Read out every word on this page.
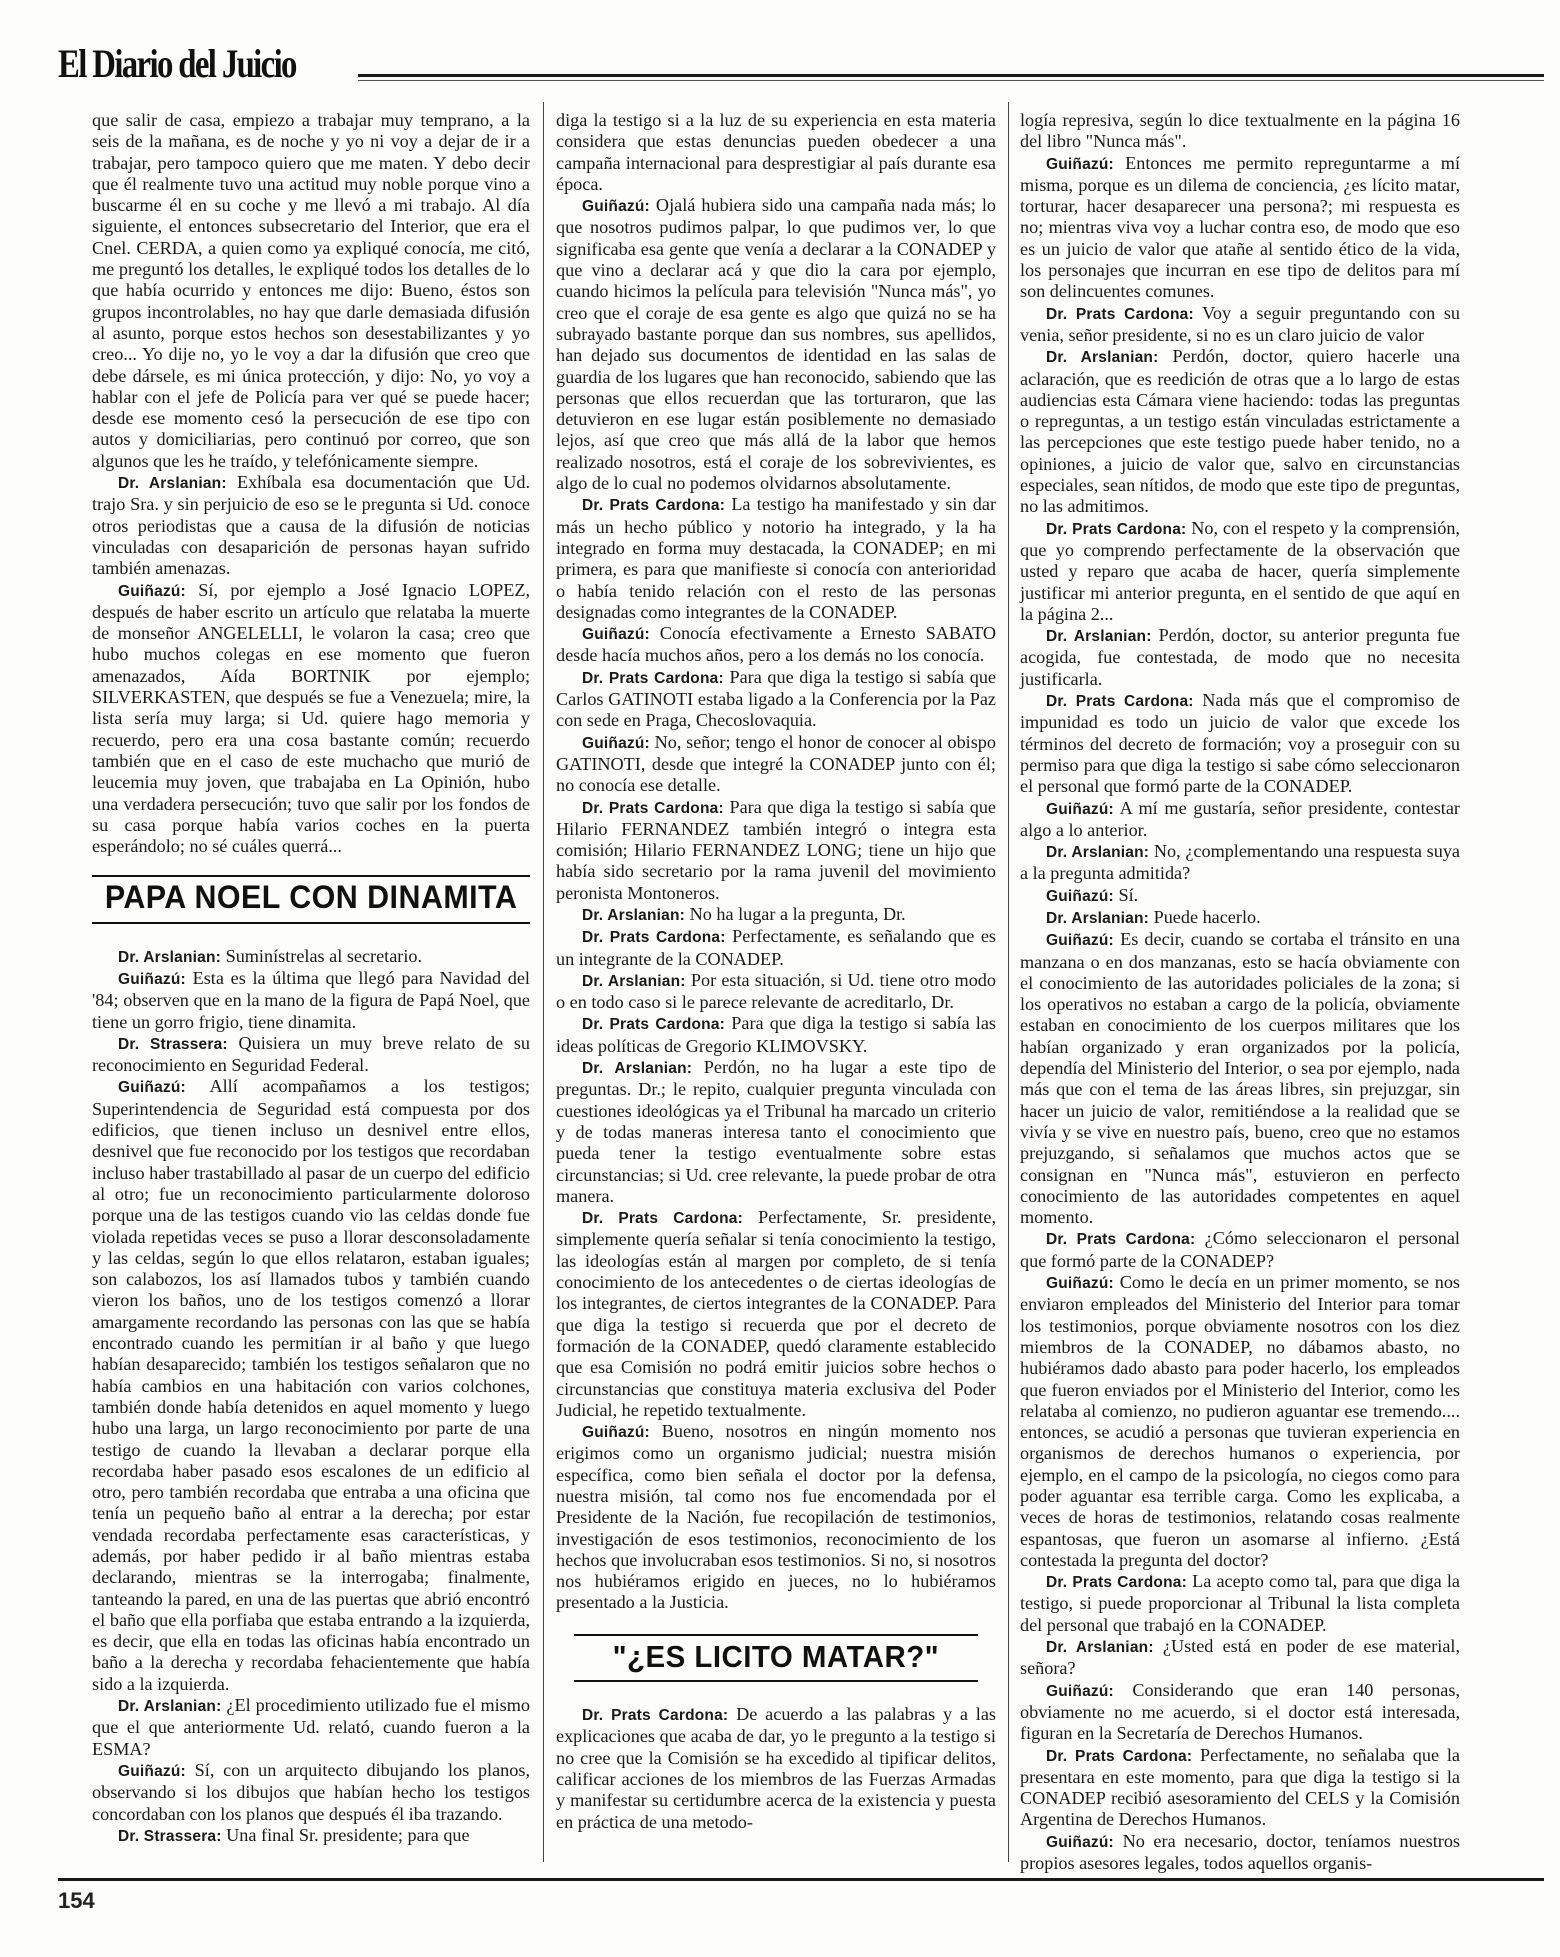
El Diario del Juicio

que salir de casa, empiezo a trabajar muy temprano, a la seis de la mañana, es de noche y yo ni voy a dejar de ir a trabajar, pero tampoco quiero que me maten. Y debo decir que él realmente tuvo una actitud muy noble porque vino a buscarme él en su coche y me llevó a mi trabajo. Al día siguiente, el entonces subsecretario del Interior, que era el Cnel. CERDA, a quien como ya expliqué conocía, me citó, me preguntó los detalles, le expliqué todos los detalles de lo que había ocurrido y entonces me dijo: Bueno, éstos son grupos incontrolables, no hay que darle demasiada difusión al asunto, porque estos hechos son desestabilizantes y yo creo... Yo dije no, yo le voy a dar la difusión que creo que debe dársele, es mi única protección, y dijo: No, yo voy a hablar con el jefe de Policía para ver qué se puede hacer; desde ese momento cesó la persecución de ese tipo con autos y domiciliarias, pero continuó por correo, que son algunos que les he traído, y telefónicamente siempre.

Dr. Arslanian : Exhíbala esa documentación que Ud. trajo Sra. y sin perjuicio de eso se le pregunta si Ud. conoce otros periodistas que a causa de la difusión de noticias vinculadas con desaparición de personas hayan sufrido también amenazas.

Guiñazú : Sí, por ejemplo a José Ignacio LOPEZ, después de haber escrito un artículo que relataba la muerte de monseñor ANGELELLI, le volaron la casa; creo que hubo muchos colegas en ese momento que fueron amenazados, Aída BORTNIK por ejemplo; SILVERKASTEN, que después se fue a Venezuela; mire, la lista sería muy larga; si Ud. quiere hago memoria y recuerdo, pero era una cosa bastante común; recuerdo también que en el caso de este muchacho que murió de leucemia muy joven, que trabajaba en La Opinión, hubo una verdadera persecución; tuvo que salir por los fondos de su casa porque había varios coches en la puerta esperándolo; no sé cuáles querrá...

PAPA NOEL CON DINAMITA

Dr. Arslanian : Suminístrelas al secretario.

Guiñazú : Esta es la última que llegó para Navidad del '84; observen que en la mano de la figura de Papá Noel, que tiene un gorro frigio, tiene dinamita.

Dr. Strassera : Quisiera un muy breve relato de su reconocimiento en Seguridad Federal.

Guiñazú : Allí acompañamos a los testigos; Superintendencia de Seguridad está compuesta por dos edificios, que tienen incluso un desnivel entre ellos, desnivel que fue reconocido por los testigos que recordaban incluso haber trastabillado al pasar de un cuerpo del edificio al otro; fue un reconocimiento particularmente doloroso porque una de las testigos cuando vio las celdas donde fue violada repetidas veces se puso a llorar desconsoladamente y las celdas, según lo que ellos relataron, estaban iguales; son calabozos, los así llamados tubos y también cuando vieron los baños, uno de los testigos comenzó a llorar amargamente recordando las personas con las que se había encontrado cuando les permitían ir al baño y que luego habían desaparecido; también los testigos señalaron que no había cambios en una habitación con varios colchones, también donde había detenidos en aquel momento y luego hubo una larga, un largo reconocimiento por parte de una testigo de cuando la llevaban a declarar porque ella recordaba haber pasado esos escalones de un edificio al otro, pero también recordaba que entraba a una oficina que tenía un pequeño baño al entrar a la derecha; por estar vendada recordaba perfectamente esas características, y además, por haber pedido ir al baño mientras estaba declarando, mientras se la interrogaba; finalmente, tanteando la pared, en una de las puertas que abrió encontró el baño que ella porfiaba que estaba entrando a la izquierda, es decir, que ella en todas las oficinas había encontrado un baño a la derecha y recordaba fehacientemente que había sido a la izquierda.

Dr. Arslanian : ¿El procedimiento utilizado fue el mismo que el que anteriormente Ud. relató, cuando fueron a la ESMA?

Guiñazú : Sí, con un arquitecto dibujando los planos, observando si los dibujos que habían hecho los testigos concordaban con los planos que después él iba trazando.

Dr. Strassera : Una final Sr. presidente; para que

diga la testigo si a la luz de su experiencia en esta materia considera que estas denuncias pueden obedecer a una campaña internacional para desprestigiar al país durante esa época.

Guiñazú : Ojalá hubiera sido una campaña nada más; lo que nosotros pudimos palpar, lo que pudimos ver, lo que significaba esa gente que venía a declarar a la CONADEP y que vino a declarar acá y que dio la cara por ejemplo, cuando hicimos la película para televisión "Nunca más", yo creo que el coraje de esa gente es algo que quizá no se ha subrayado bastante porque dan sus nombres, sus apellidos, han dejado sus documentos de identidad en las salas de guardia de los lugares que han reconocido, sabiendo que las personas que ellos recuerdan que las torturaron, que las detuvieron en ese lugar están posiblemente no demasiado lejos, así que creo que más allá de la labor que hemos realizado nosotros, está el coraje de los sobrevivientes, es algo de lo cual no podemos olvidarnos absolutamente.

Dr. Prats Cardona : La testigo ha manifestado y sin dar más un hecho público y notorio ha integrado, y la ha integrado en forma muy destacada, la CONADEP; en mi primera, es para que manifieste si conocía con anterioridad o había tenido relación con el resto de las personas designadas como integrantes de la CONADEP.

Guiñazú : Conocía efectivamente a Ernesto SABATO desde hacía muchos años, pero a los demás no los conocía.

Dr. Prats Cardona : Para que diga la testigo si sabía que Carlos GATINOTI estaba ligado a la Conferencia por la Paz con sede en Praga, Checoslovaquia.

Guiñazú : No, señor; tengo el honor de conocer al obispo GATINOTI, desde que integré la CONADEP junto con él; no conocía ese detalle.

Dr. Prats Cardona : Para que diga la testigo si sabía que Hilario FERNANDEZ también integró o integra esta comisión; Hilario FERNANDEZ LONG; tiene un hijo que había sido secretario por la rama juvenil del movimiento peronista Montoneros.

Dr. Arslanian : No ha lugar a la pregunta, Dr.

Dr. Prats Cardona : Perfectamente, es señalando que es un integrante de la CONADEP.

Dr. Arslanian : Por esta situación, si Ud. tiene otro modo o en todo caso si le parece relevante de acreditarlo, Dr.

Dr. Prats Cardona : Para que diga la testigo si sabía las ideas políticas de Gregorio KLIMOVSKY.

Dr. Arslanian : Perdón, no ha lugar a este tipo de preguntas. Dr.; le repito, cualquier pregunta vinculada con cuestiones ideológicas ya el Tribunal ha marcado un criterio y de todas maneras interesa tanto el conocimiento que pueda tener la testigo eventualmente sobre estas circunstancias; si Ud. cree relevante, la puede probar de otra manera.

Dr. Prats Cardona : Perfectamente, Sr. presidente, simplemente quería señalar si tenía conocimiento la testigo, las ideologías están al margen por completo, de si tenía conocimiento de los antecedentes o de ciertas ideologías de los integrantes, de ciertos integrantes de la CONADEP. Para que diga la testigo si recuerda que por el decreto de formación de la CONADEP, quedó claramente establecido que esa Comisión no podrá emitir juicios sobre hechos o circunstancias que constituya materia exclusiva del Poder Judicial, he repetido textualmente.

Guiñazú : Bueno, nosotros en ningún momento nos erigimos como un organismo judicial; nuestra misión específica, como bien señala el doctor por la defensa, nuestra misión, tal como nos fue encomendada por el Presidente de la Nación, fue recopilación de testimonios, investigación de esos testimonios, reconocimiento de los hechos que involucraban esos testimonios. Si no, si nosotros nos hubiéramos erigido en jueces, no lo hubiéramos presentado a la Justicia.

"¿ES LICITO MATAR?"

Dr. Prats Cardona : De acuerdo a las palabras y a las explicaciones que acaba de dar, yo le pregunto a la testigo si no cree que la Comisión se ha excedido al tipificar delitos, calificar acciones de los miembros de las Fuerzas Armadas y manifestar su certidumbre acerca de la existencia y puesta en práctica de una metodo-

logía represiva, según lo dice textualmente en la página 16 del libro "Nunca más".

Guiñazú : Entonces me permito repreguntarme a mí misma, porque es un dilema de conciencia, ¿es lícito matar, torturar, hacer desaparecer una persona?; mi respuesta es no; mientras viva voy a luchar contra eso, de modo que eso es un juicio de valor que atañe al sentido ético de la vida, los personajes que incurran en ese tipo de delitos para mí son delincuentes comunes.

Dr. Prats Cardona : Voy a seguir preguntando con su venia, señor presidente, si no es un claro juicio de valor

Dr. Arslanian : Perdón, doctor, quiero hacerle una aclaración, que es reedición de otras que a lo largo de estas audiencias esta Cámara viene haciendo: todas las preguntas o repreguntas, a un testigo están vinculadas estrictamente a las percepciones que este testigo puede haber tenido, no a opiniones, a juicio de valor que, salvo en circunstancias especiales, sean nítidos, de modo que este tipo de preguntas, no las admitimos.

Dr. Prats Cardona : No, con el respeto y la comprensión, que yo comprendo perfectamente de la observación que usted y reparo que acaba de hacer, quería simplemente justificar mi anterior pregunta, en el sentido de que aquí en la página 2...

Dr. Arslanian : Perdón, doctor, su anterior pregunta fue acogida, fue contestada, de modo que no necesita justificarla.

Dr. Prats Cardona : Nada más que el compromiso de impunidad es todo un juicio de valor que excede los términos del decreto de formación; voy a proseguir con su permiso para que diga la testigo si sabe cómo seleccionaron el personal que formó parte de la CONADEP.

Guiñazú : A mí me gustaría, señor presidente, contestar algo a lo anterior.

Dr. Arslanian : No, ¿complementando una respuesta suya a la pregunta admitida?

Guiñazú : Sí.

Dr. Arslanian : Puede hacerlo.

Guiñazú : Es decir, cuando se cortaba el tránsito en una manzana o en dos manzanas, esto se hacía obviamente con el conocimiento de las autoridades policiales de la zona; si los operativos no estaban a cargo de la policía, obviamente estaban en conocimiento de los cuerpos militares que los habían organizado y eran organizados por la policía, dependía del Ministerio del Interior, o sea por ejemplo, nada más que con el tema de las áreas libres, sin prejuzgar, sin hacer un juicio de valor, remitiéndose a la realidad que se vivía y se vive en nuestro país, bueno, creo que no estamos prejuzgando, si señalamos que muchos actos que se consignan en "Nunca más", estuvieron en perfecto conocimiento de las autoridades competentes en aquel momento.

Dr. Prats Cardona : ¿Cómo seleccionaron el personal que formó parte de la CONADEP?

Guiñazú : Como le decía en un primer momento, se nos enviaron empleados del Ministerio del Interior para tomar los testimonios, porque obviamente nosotros con los diez miembros de la CONADEP, no dábamos abasto, no hubiéramos dado abasto para poder hacerlo, los empleados que fueron enviados por el Ministerio del Interior, como les relataba al comienzo, no pudieron aguantar ese tremendo.... entonces, se acudió a personas que tuvieran experiencia en organismos de derechos humanos o experiencia, por ejemplo, en el campo de la psicología, no ciegos como para poder aguantar esa terrible carga. Como les explicaba, a veces de horas de testimonios, relatando cosas realmente espantosas, que fueron un asomarse al infierno. ¿Está contestada la pregunta del doctor?

Dr. Prats Cardona : La acepto como tal, para que diga la testigo, si puede proporcionar al Tribunal la lista completa del personal que trabajó en la CONADEP.

Dr. Arslanian : ¿Usted está en poder de ese material, señora?

Guiñazú : Considerando que eran 140 personas, obviamente no me acuerdo, si el doctor está interesada, figuran en la Secretaría de Derechos Humanos.

Dr. Prats Cardona : Perfectamente, no señalaba que la presentara en este momento, para que diga la testigo si la CONADEP recibió asesoramiento del CELS y la Comisión Argentina de Derechos Humanos.

Guiñazú : No era necesario, doctor, teníamos nuestros propios asesores legales, todos aquellos organis-

154
